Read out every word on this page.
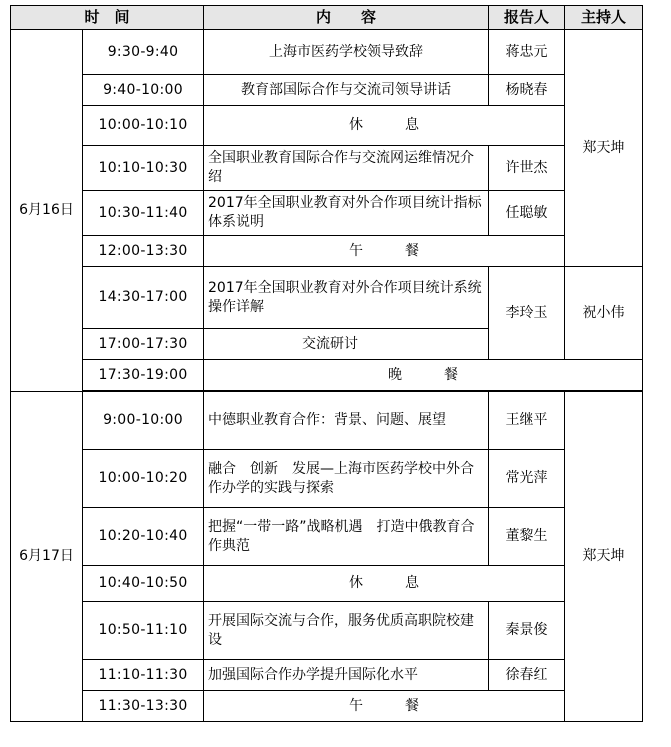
时　间		内　　容	报告人	主持人
6月16日	9:30-9:40	上海市医药学校领导致辞	蒋忠元	郑天坤
	9:40-10:00	教育部国际合作与交流司领导讲话	杨晓春	
	10:00-10:10	休　　　息		
	10:10-10:30	全国职业教育国际合作与交流网运维情况介绍	许世杰	
	10:30-11:40	2017年全国职业教育对外合作项目统计指标体系说明	任聪敏	
	12:00-13:30	午　　　餐		
	14:30-17:00	2017年全国职业教育对外合作项目统计系统操作详解	李玲玉	祝小伟
	17:00-17:30	交流研讨		
	17:30-19:00	晚　　　餐		

6月17日	9:00-10:00	中德职业教育合作：背景、问题、展望	王继平	郑天坤
	10:00-10:20	融合　创新　发展—上海市医药学校中外合作办学的实践与探索	常光萍	
	10:20-10:40	把握“一带一路”战略机遇　打造中俄教育合作典范	董黎生	
	10:40-10:50	休　　　息		
	10:50-11:10	开展国际交流与合作，服务优质高职院校建设	秦景俊	
	11:10-11:30	加强国际合作办学提升国际化水平	徐春红	
	11:30-13:30	午　　　餐		
